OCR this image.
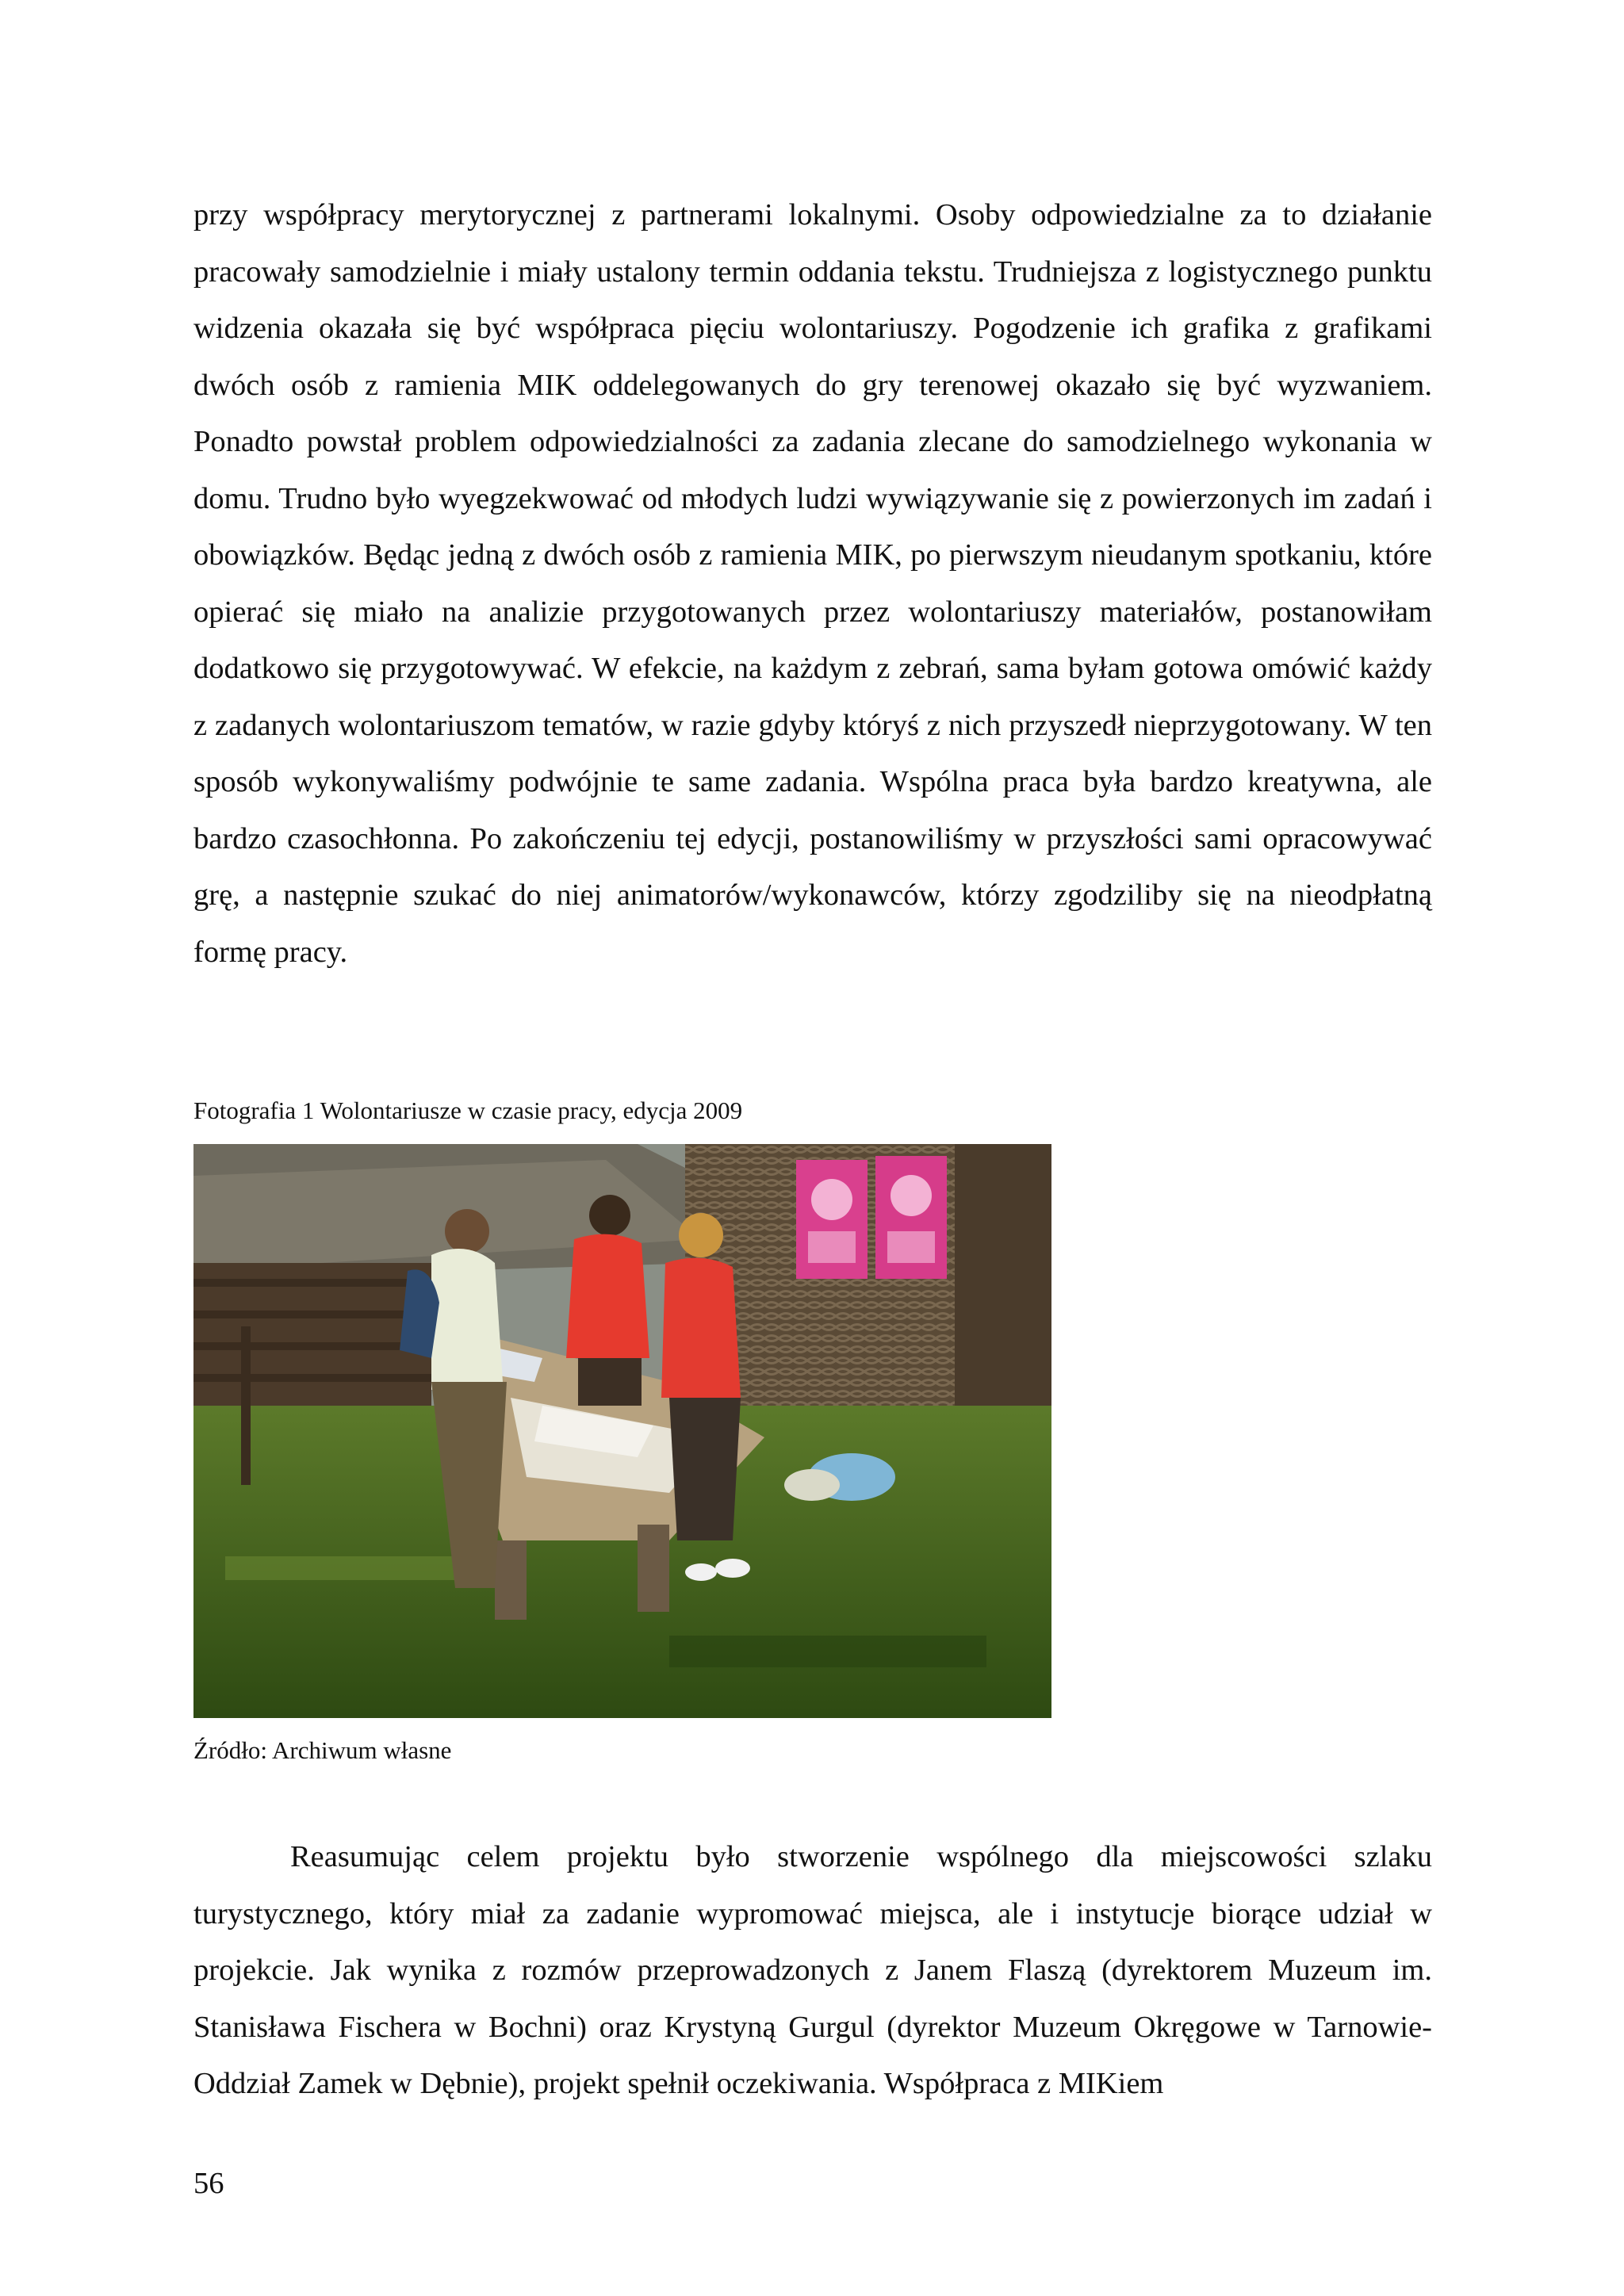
przy współpracy merytorycznej z partnerami lokalnymi. Osoby odpowiedzialne za to działanie pracowały samodzielnie i miały ustalony termin oddania tekstu. Trudniejsza z logistycznego punktu widzenia okazała się być współpraca pięciu wolontariuszy. Pogodzenie ich grafika z grafikami dwóch osób z ramienia MIK oddelegowanych do gry terenowej okazało się być wyzwaniem. Ponadto powstał problem odpowiedzialności za zadania zlecane do samodzielnego wykonania w domu. Trudno było wyegzekwować od młodych ludzi wywiązywanie się z powierzonych im zadań i obowiązków. Będąc jedną z dwóch osób z ramienia MIK, po pierwszym nieudanym spotkaniu, które opierać się miało na analizie przygotowanych przez wolontariuszy materiałów, postanowiłam dodatkowo się przygotowywać. W efekcie, na każdym z zebrań, sama byłam gotowa omówić każdy z zadanych wolontariuszom tematów, w razie gdyby któryś z nich przyszedł nieprzygotowany. W ten sposób wykonywaliśmy podwójnie te same zadania. Wspólna praca była bardzo kreatywna, ale bardzo czasochłonna. Po zakończeniu tej edycji, postanowiliśmy w przyszłości sami opracowywać grę, a następnie szukać do niej animatorów/wykonawców, którzy zgodziliby się na nieodpłatną formę pracy.

Fotografia 1 Wolontariusze w czasie pracy, edycja 2009

Źródło: Archiwum własne

Reasumując celem projektu było stworzenie wspólnego dla miejscowości szlaku turystycznego, który miał za zadanie wypromować miejsca, ale i instytucje biorące udział w projekcie. Jak wynika z rozmów przeprowadzonych z Janem Flaszą (dyrektorem Muzeum im. Stanisława Fischera w Bochni) oraz Krystyną Gurgul (dyrektor Muzeum Okręgowe w Tarnowie- Oddział Zamek w Dębnie), projekt spełnił oczekiwania. Współpraca z MIKiem

56
